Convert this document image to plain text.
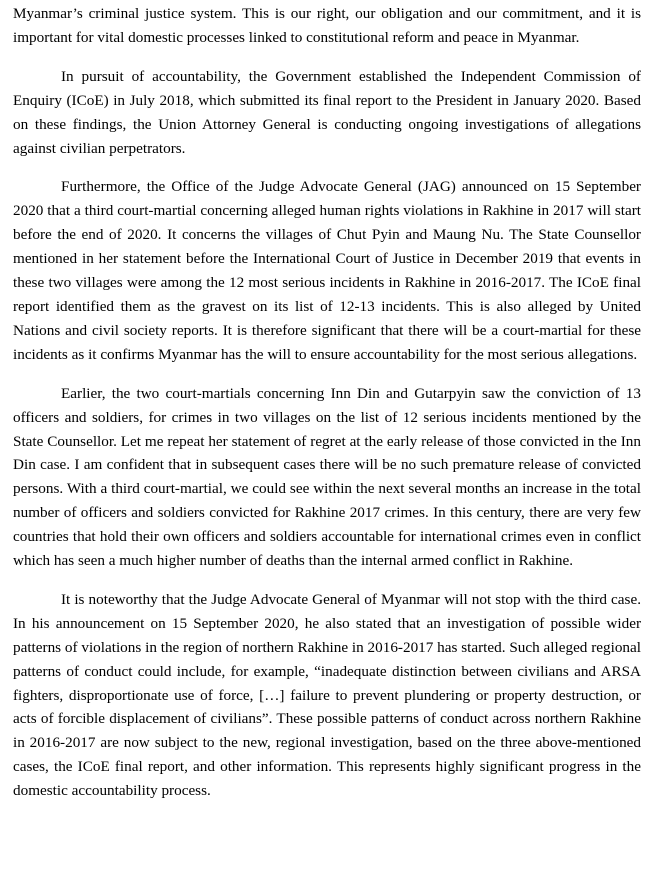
Myanmar’s criminal justice system. This is our right, our obligation and our commitment, and it is important for vital domestic processes linked to constitutional reform and peace in Myanmar.

In pursuit of accountability, the Government established the Independent Commission of Enquiry (ICoE) in July 2018, which submitted its final report to the President in January 2020. Based on these findings, the Union Attorney General is conducting ongoing investigations of allegations against civilian perpetrators.

Furthermore, the Office of the Judge Advocate General (JAG) announced on 15 September 2020 that a third court-martial concerning alleged human rights violations in Rakhine in 2017 will start before the end of 2020. It concerns the villages of Chut Pyin and Maung Nu. The State Counsellor mentioned in her statement before the International Court of Justice in December 2019 that events in these two villages were among the 12 most serious incidents in Rakhine in 2016-2017. The ICoE final report identified them as the gravest on its list of 12-13 incidents. This is also alleged by United Nations and civil society reports. It is therefore significant that there will be a court-martial for these incidents as it confirms Myanmar has the will to ensure accountability for the most serious allegations.

Earlier, the two court-martials concerning Inn Din and Gutarpyin saw the conviction of 13 officers and soldiers, for crimes in two villages on the list of 12 serious incidents mentioned by the State Counsellor. Let me repeat her statement of regret at the early release of those convicted in the Inn Din case. I am confident that in subsequent cases there will be no such premature release of convicted persons. With a third court-martial, we could see within the next several months an increase in the total number of officers and soldiers convicted for Rakhine 2017 crimes. In this century, there are very few countries that hold their own officers and soldiers accountable for international crimes even in conflict which has seen a much higher number of deaths than the internal armed conflict in Rakhine.

It is noteworthy that the Judge Advocate General of Myanmar will not stop with the third case. In his announcement on 15 September 2020, he also stated that an investigation of possible wider patterns of violations in the region of northern Rakhine in 2016-2017 has started. Such alleged regional patterns of conduct could include, for example, “inadequate distinction between civilians and ARSA fighters, disproportionate use of force, […] failure to prevent plundering or property destruction, or acts of forcible displacement of civilians”. These possible patterns of conduct across northern Rakhine in 2016-2017 are now subject to the new, regional investigation, based on the three above-mentioned cases, the ICoE final report, and other information. This represents highly significant progress in the domestic accountability process.
